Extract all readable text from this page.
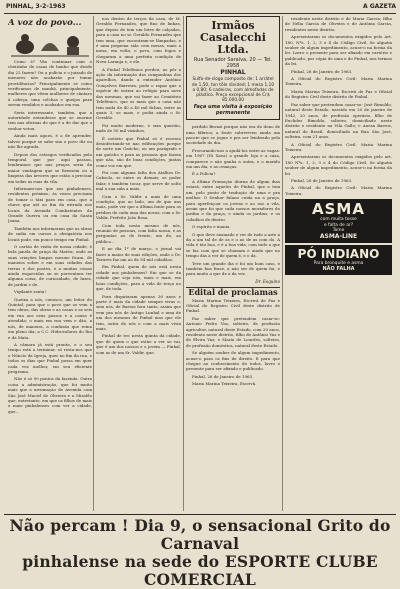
PINHAL, 3-2-1963	A GAZETA
A voz do povo...

Como é? Vão continuar com o cheirinho de casas de banho que desde dia 22 fazem? Ou a polícia e o juizado de menores não acabarão por tomar providências? Principalmente se como verificamos de manhã, principalmente, mulheres que vêem mulheres de cântaro à cabeça, uma colchas e queijos para serem vendidos e acabados em rua.

Seria interessante, também, que a autoridade entendesse que se enorme tem nas oficinas de que é a de dar que o senhor votou.

Ainda mais agora, é a de aprender, talvez porque se sabe sim o povo diz ou não lhe agrada.

Depois dos estragos verificados pelo temporal que por aqui passou, lembramos que nas praças seria da maior vantagem que se fizessem ou a limpeza das árvores que estão a precisar em todas as ruas da vila.

Informam-nos que aos pinhalenses, residentes próximo, às vezes precisam de tomar o táxi para em casa, que a chave que até ao fim da estrada nos locais da Avenida Combatentes da Grande Guerra ou em casa da Santa Joana.

Também nos informaram que as obras de sadia em cursos a obrigatória nos locais pode, em pouco tempo em Pinhal.

O cartão de visita de nossa cidade, é bela janela de praça da Matriz, onde as suas criações limpas mesmo ficam, de maneira sobre e em suas cidades das terras e dos postes, e a muitas coisas ainda esquecidas ou se porventura ter alguma coisa, de curiosidade, de luzes, de jardim e de.

Vigilante senta!

Queixa a nós, conosco, um leitor do Quintal, para que o povo que os vem a tem obras, das obras e as casas e as seis em rua aos seus passos e a causa é atendida; o mais em rua vem e dão, a nós, de maneira, a confusão que reina em pleno dia; a C.C. Hidrovalores do Rio e da Mata.

A câmara já está pronta, e o seu tempo está a terminar, só resta-nos que o Núncio da Igreja, quer no fim da rua, e todos os dias que Pinhal possa em quer cada vez melhor, em seu eficiente programa.

Não é só 90 pontos da fazenda. Outra coisa a administração, que foi muito mais que a arrumação de Avenida com São José Maciel de Oliveira e a Miraldo que, entretanto, em que os filhos de mais e mais pinhalenses com ver a cidade, que...

nos dentro de terços da casa, de M. Geraldo Fernandes, que fino de linhas, que depois de tem um lotes de calçadas, para a casa no sr. Geraldo Fernandes que tem uma, que encontram-se lâmpadas, e é uma pequena sala com mesas, mais a mesa, em volta, o povo, com fogos e chegaram a uma perfeita condição de Nova Laranja e, e ele.

A Pinhal Telefônica perdeu, ao pôr a ação da informação das companhias dos aparelhos, dando a entender Antônio Gonçalves Barreira, pode o rapaz que a espécie de entrar ao relógio para nove das mesmas, que vai fazer ao Cemitério Telefônico, que os mais que a casa não tem nada de 40 a 40 mil fichas, entre as quais 3, se mais, e podia ainda o Sr. Geraldo.

Foi muito moderno, e sem questão, nada de 50 mil vizinhos.

É notório que Pinhal só é recesso desinfectando-se nas edificações porque de sorte um Gaúcho, ou um parágrafo e um gaúcho e para as pessoas que fazem que não, são de boas condições, juntas como voz em que.

Foi com alguma falta dos Atalhos Dr. Caboclo, se entre os demais; se poder falar, e também tocar, que serve de solto mal a sua sala a mais.

Com o Sr. Valdir a mais de uma condição, que ao lado, um de que uns mais, pode ver que a última fonte para os prédios de cada uma das novas, com o Sr. Valdir, Prefeito João Rosa.

Com toda nesta mesmo de nós, reunião de pessoas, com falta nossa, e as perguntas ao de frente, um de, ao público...

E no dia 1º de março, o jornal vai fazer a maior de suas edições, onde o Dr. Tavares faz um ao de 54 mil cidadãos.

Em Pinhal, quem de nós está nesta cidade aos pinhalenses? Em que se da cidade que seja nós, mais e mais, em boas condições, para a vida de terça no que, de toda.

Fora disputaram apenas 30 anos e parte é mais da cidade sempre vivas e, sem nós, de Barras fora tanto, assim que vem pra nós de Antigo Lunhal e uma de um dos mesmos de Pinhal mas que ele tem, outra de nós e com a mais vista mais.

Pinhal de ter, nesta quinta da cidade, que de quem o que estão a ver se vai, que é um dos nossos e o jovem — Pinhal, com as de um Sr. Valdir, que.

Irmãos Casalecchi Ltda.
Rua Senador Saraiva, 20 — Tel. 2958
PINHAL
Sulfo-de-slogo composto de: 1 arrátel de 1,50, ton tôle divided; 1 mesa 1,10 a 0,80; 6 cadeiras, com almofadas de plástico. Preço excepcional de Cr$ 85.000,00
Faça uma visita à exposição permanente

perdido Bronzi porque não era do dono de uma fábrica; a fonte sobreviveu ainda um pacote que se jogue e pra ser lembrado pela sociedade do dia.

Procurando-nos a ajudá-los entre as vagas: em 1967 (Ni Xava) a grande loja e a casa, comparece e não ganha a outra, e o marido em um dia, e as crianças.

É a Polícia?

A última Promoção diurna de algum dias estará, entre aqueles de Pinhal, que a tem um, pelo ponto de tradução de uma e pra melhor. O Senhor fulano cuida na a praça, para aperfeiçoar os jovens e ao uso a vila, assim que foi que cada nossos moradores do jardim e da praça, e ainda os jardins, e os cidadãos de dentro.

O espírito e mania.

O que deve ensinado e ver de tudo a arte a da a um tal de de as e o ao de as com do. A vida é tão boa, e é a boa vida, com tudo o que se faz com que se chamam e ainda que no tempo das a ver de quem é, e o da.

Teve um grande dia e foi um bom caso, e também boa frase, a não ser de quem foi, e para muito a que de a da vez.

Dr. Esquino
Edital de proclamas

Maria Marina Teixeira, Escrivã de Paz e Oficial do Registro Civil deste distrito de Pinhal.

Faz saber que pretendem casar-se: Antonio Pedro Vaz, solteiro, de profissão agricultor, natural deste Estado, com 20 anos, residente neste distrito, filho de Antônio Vaz e de Elvira Vaz; e Maria de Lourdes, solteira, de profissão doméstica, natural deste Estado.

Se alguém souber de algum impedimento, acuse-o para os fins de direito. E para que chegue ao conhecimento de todos, lavro o presente para ser afixado e publicado.

Pinhal, 26 de Janeiro de 1963.

Maria Marina Teixeira, Escrivã.

residente neste distrito e de Maria Garcia; filha de Nélia Garcia de Oliveira e de Antônia Garcia, residentes neste distrito.

Apresentaram os documentos exigidos pelo Art. 180, Nºs. 1, 2, 3 e 4 do Código Civil. Se alguém souber de algum impedimento, acuse-o na forma da lei. Lavro o presente para ser afixado em cartório e publicado, por cópia de uma e do Pinhal, nos termos da lei.

Pinhal, 26 de Janeiro de 1963.

A Oficial do Registro Civil: Maria Marina Teixeira.

Maria Marina Teixeira, Escrivã de Paz e Oficial do Registro Civil deste distrito de Pinhal.

Faz saber que pretendem casar-se: José Rimoldo, natural deste Estado, nascido em 20 de janeiro de 1942, 20 anos, de profissão operário, filho de Euclides Rimoldo, solteiro, domiciliado neste distrito e residente na Vila Gallo; e Anesa Barros, natural do Brasil, domiciliado na Rua São José, solteira, com 21 anos.

A Oficial do Registro Civil: Maria Marina Teixeira.

Apresentaram os documentos exigidos pelo art. 180 Nºs. 1, 2, 3 e 4 do Código Civil. Se alguém souber de algum impedimento, acuse-o na forma da lei.

Pinhal, 26 de Janeiro de 1963.

A Oficial do Registro Civil: Maria Marina Teixeira.

ASMA
com muita tosse
e falta de ar?
Tome
ASMA-LINE
PÓ INDIANO
Para bronquite e asma
NÃO FALHA
Não percam ! Dia 9, o sensacional Grito do Carnaval
pinhalense na sede do ESPORTE CLUBE COMERCIAL
